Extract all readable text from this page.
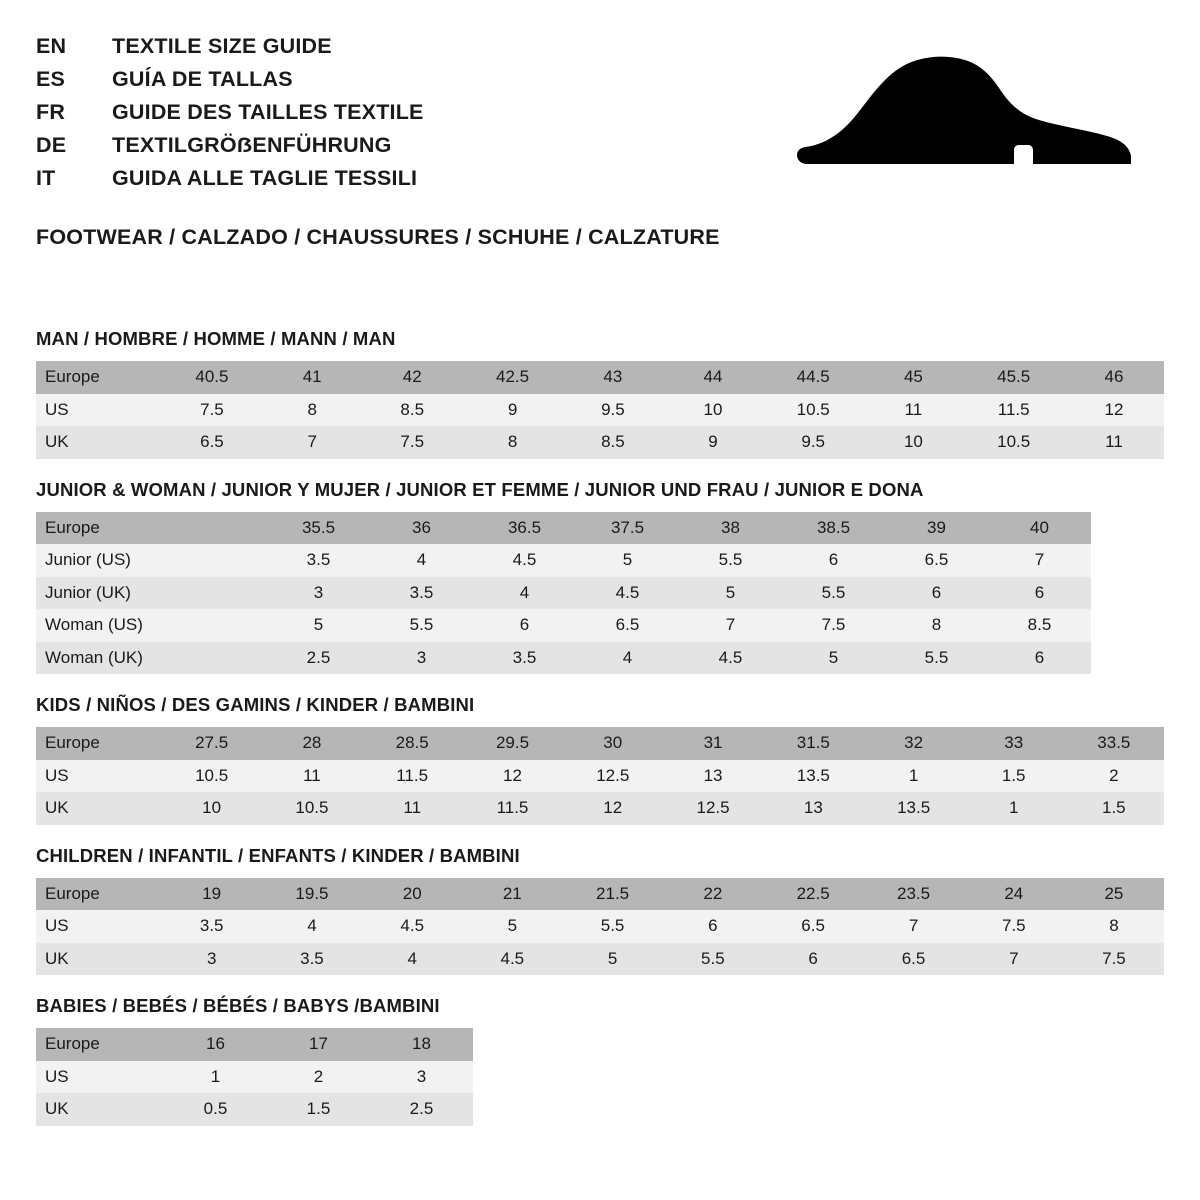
EN	TEXTILE SIZE GUIDE
ES	GUÍA DE TALLAS
FR	GUIDE DES TAILLES TEXTILE
DE	TEXTILGRÖẞENFÜHRUNG
IT	GUIDA ALLE TAGLIE TESSILI
FOOTWEAR / CALZADO / CHAUSSURES / SCHUHE / CALZATURE
MAN / HOMBRE / HOMME / MANN / MAN
Europe	40.5	41	42	42.5	43	44	44.5	45	45.5	46
US	7.5	8	8.5	9	9.5	10	10.5	11	11.5	12
UK	6.5	7	7.5	8	8.5	9	9.5	10	10.5	11
JUNIOR & WOMAN / JUNIOR Y MUJER / JUNIOR ET FEMME / JUNIOR UND FRAU / JUNIOR E DONA
Europe		35.5	36	36.5	37.5	38	38.5	39	40
Junior (US)		3.5	4	4.5	5	5.5	6	6.5	7
Junior (UK)		3	3.5	4	4.5	5	5.5	6	6
Woman (US)		5	5.5	6	6.5	7	7.5	8	8.5
Woman (UK)		2.5	3	3.5	4	4.5	5	5.5	6
KIDS / NIÑOS / DES GAMINS / KINDER / BAMBINI
Europe	27.5	28	28.5	29.5	30	31	31.5	32	33	33.5
US	10.5	11	11.5	12	12.5	13	13.5	1	1.5	2
UK	10	10.5	11	11.5	12	12.5	13	13.5	1	1.5
CHILDREN / INFANTIL / ENFANTS / KINDER / BAMBINI
Europe	19	19.5	20	21	21.5	22	22.5	23.5	24	25
US	3.5	4	4.5	5	5.5	6	6.5	7	7.5	8
UK	3	3.5	4	4.5	5	5.5	6	6.5	7	7.5
BABIES / BEBÉS / BÉBÉS / BABYS /BAMBINI
Europe	16	17	18
US	1	2	3
UK	0.5	1.5	2.5
